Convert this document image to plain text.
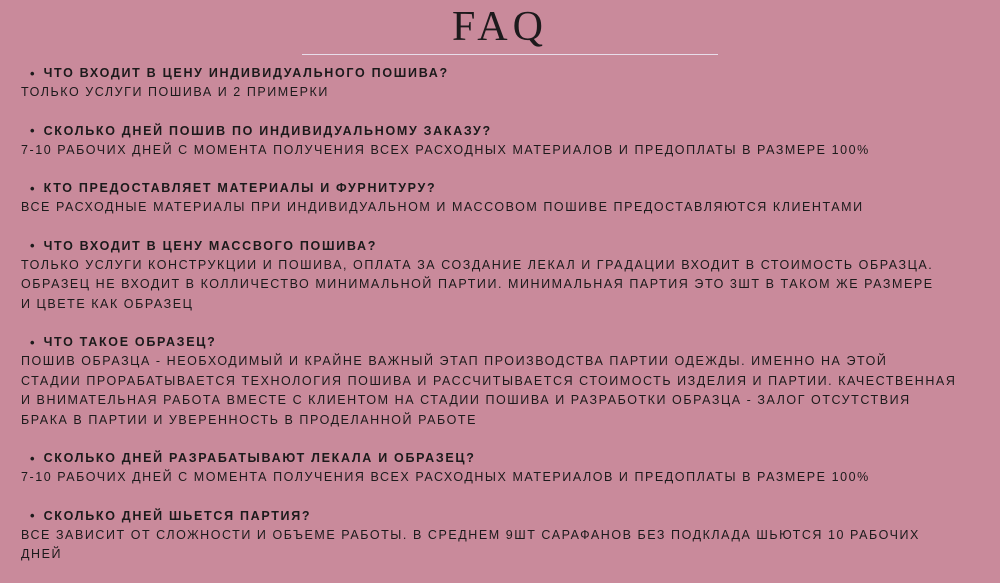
FAQ
• ЧТО ВХОДИТ В ЦЕНУ ИНДИВИДУАЛЬНОГО ПОШИВА?
ТОЛЬКО УСЛУГИ ПОШИВА И 2 ПРИМЕРКИ
• СКОЛЬКО ДНЕЙ ПОШИВ ПО ИНДИВИДУАЛЬНОМУ ЗАКАЗУ?
7-10 РАБОЧИХ ДНЕЙ С МОМЕНТА ПОЛУЧЕНИЯ ВСЕХ РАСХОДНЫХ МАТЕРИАЛОВ И ПРЕДОПЛАТЫ В РАЗМЕРЕ 100%
• КТО ПРЕДОСТАВЛЯЕТ МАТЕРИАЛЫ И ФУРНИТУРУ?
ВСЕ РАСХОДНЫЕ МАТЕРИАЛЫ ПРИ ИНДИВИДУАЛЬНОМ И МАССОВОМ ПОШИВЕ ПРЕДОСТАВЛЯЮТСЯ КЛИЕНТАМИ
• ЧТО ВХОДИТ В ЦЕНУ МАССВОГО ПОШИВА?
ТОЛЬКО УСЛУГИ КОНСТРУКЦИИ И ПОШИВА, ОПЛАТА ЗА СОЗДАНИЕ ЛЕКАЛ И ГРАДАЦИИ ВХОДИТ В СТОИМОСТЬ ОБРАЗЦА.
ОБРАЗЕЦ НЕ ВХОДИТ В КОЛЛИЧЕСТВО МИНИМАЛЬНОЙ ПАРТИИ. МИНИМАЛЬНАЯ ПАРТИЯ ЭТО 3ШТ В ТАКОМ ЖЕ РАЗМЕРЕ
И ЦВЕТЕ КАК ОБРАЗЕЦ
• ЧТО ТАКОЕ ОБРАЗЕЦ?
ПОШИВ ОБРАЗЦА - НЕОБХОДИМЫЙ И КРАЙНЕ ВАЖНЫЙ ЭТАП ПРОИЗВОДСТВА ПАРТИИ ОДЕЖДЫ. ИМЕННО НА ЭТОЙ
СТАДИИ ПРОРАБАТЫВАЕТСЯ ТЕХНОЛОГИЯ ПОШИВА И РАССЧИТЫВАЕТСЯ СТОИМОСТЬ ИЗДЕЛИЯ И ПАРТИИ. КАЧЕСТВЕННАЯ
И ВНИМАТЕЛЬНАЯ РАБОТА ВМЕСТЕ С КЛИЕНТОМ НА СТАДИИ ПОШИВА И РАЗРАБОТКИ ОБРАЗЦА - ЗАЛОГ ОТСУТСТВИЯ
БРАКА В ПАРТИИ И УВЕРЕННОСТЬ В ПРОДЕЛАННОЙ РАБОТЕ
• СКОЛЬКО ДНЕЙ РАЗРАБАТЫВАЮТ ЛЕКАЛА И ОБРАЗЕЦ?
7-10 РАБОЧИХ ДНЕЙ С МОМЕНТА ПОЛУЧЕНИЯ ВСЕХ РАСХОДНЫХ МАТЕРИАЛОВ И ПРЕДОПЛАТЫ В РАЗМЕРЕ 100%
• СКОЛЬКО ДНЕЙ ШЬЕТСЯ ПАРТИЯ?
ВСЕ ЗАВИСИТ ОТ СЛОЖНОСТИ И ОБЪЕМЕ РАБОТЫ. В СРЕДНЕМ 9ШТ САРАФАНОВ БЕЗ ПОДКЛАДА ШЬЮТСЯ 10 РАБОЧИХ
ДНЕЙ
